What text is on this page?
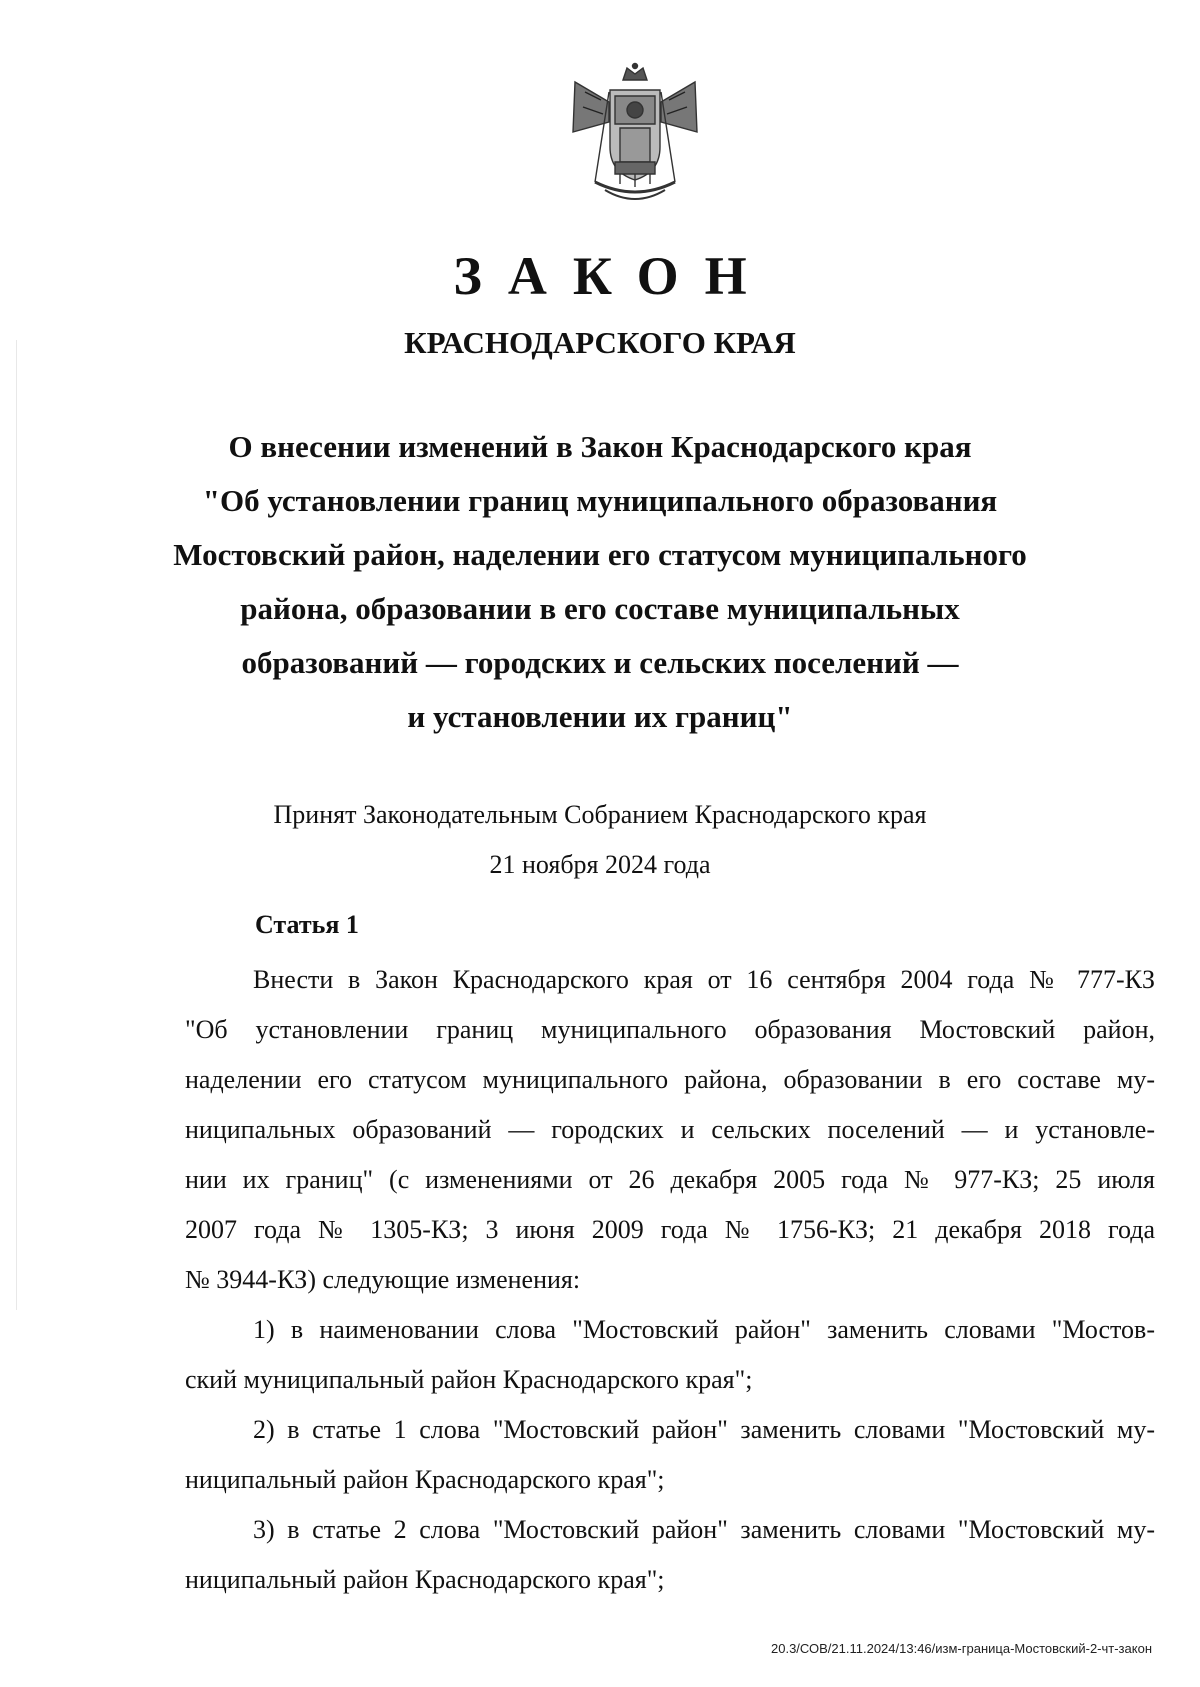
ЗАКОН
КРАСНОДАРСКОГО КРАЯ
О внесении изменений в Закон Краснодарского края
"Об установлении границ муниципального образования
Мостовский район, наделении его статусом муниципального
района, образовании в его составе муниципальных
образований — городских и сельских поселений —
и установлении их границ"
Принят Законодательным Собранием Краснодарского края
21 ноября 2024 года
Статья 1
Внести в Закон Краснодарского края от 16 сентября 2004 года № 777-КЗ
"Об установлении границ муниципального образования Мостовский район,
наделении его статусом муниципального района, образовании в его составе му-
ниципальных образований — городских и сельских поселений — и установле-
нии их границ" (с изменениями от 26 декабря 2005 года № 977-КЗ; 25 июля
2007 года № 1305-КЗ; 3 июня 2009 года № 1756-КЗ; 21 декабря 2018 года
№ 3944-КЗ) следующие изменения:
1) в наименовании слова "Мостовский район" заменить словами "Мостов-
ский муниципальный район Краснодарского края";
2) в статье 1 слова "Мостовский район" заменить словами "Мостовский му-
ниципальный район Краснодарского края";
3) в статье 2 слова "Мостовский район" заменить словами "Мостовский му-
ниципальный район Краснодарского края";
20.3/СОВ/21.11.2024/13:46/изм-граница-Мостовский-2-чт-закон
